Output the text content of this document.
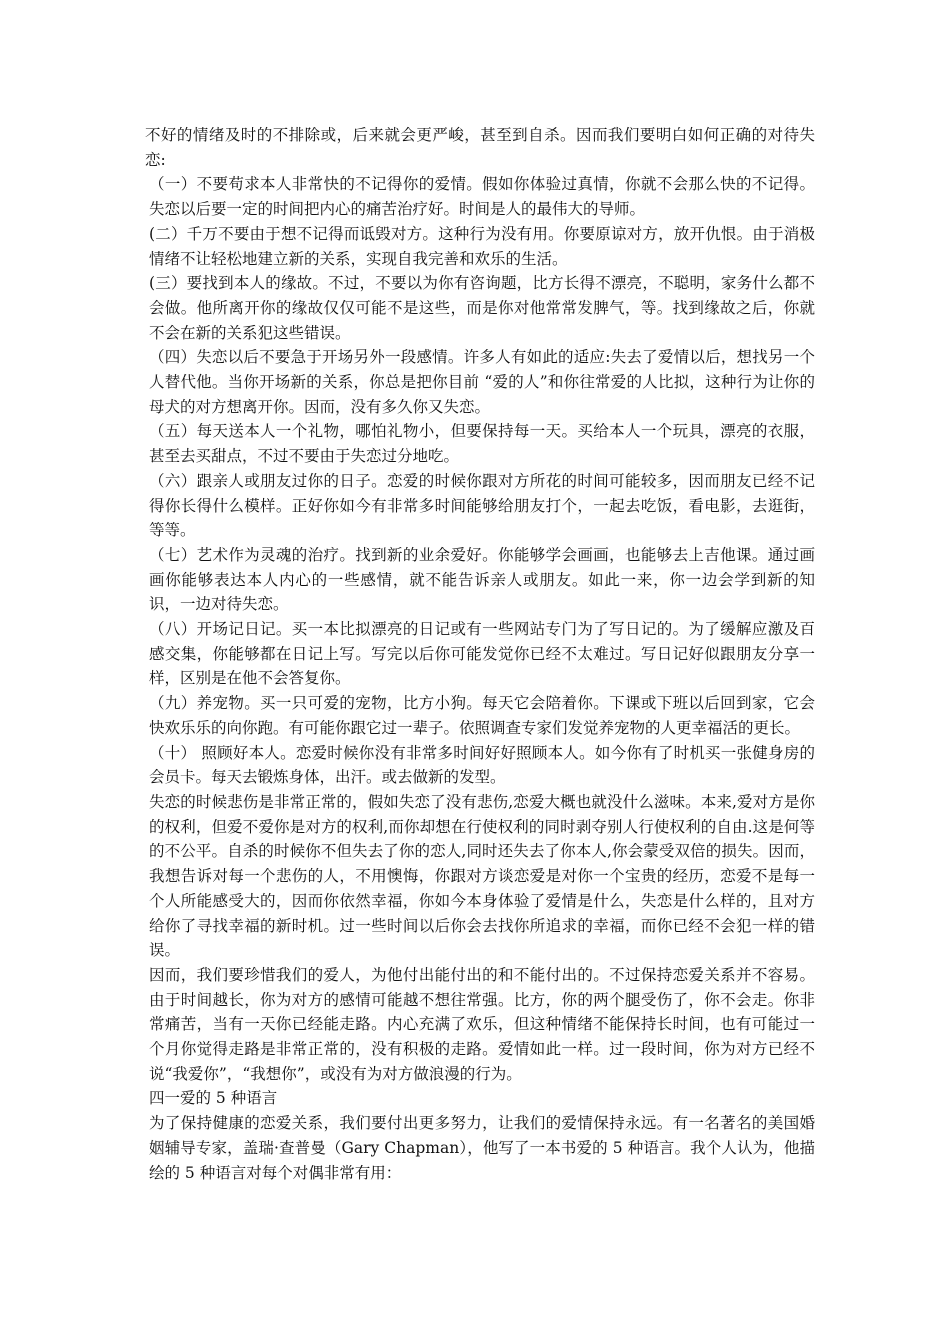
不好的情绪及时的不排除或，后来就会更严峻，甚至到自杀。因而我们要明白如何正确的对待失恋:

（一）不要苟求本人非常快的不记得你的爱情。假如你体验过真情，你就不会那么快的不记得。失恋以后要一定的时间把内心的痛苦治疗好。时间是人的最伟大的导师。

(二）千万不要由于想不记得而诋毁对方。这种行为没有用。你要原谅对方，放开仇恨。由于消极情绪不让轻松地建立新的关系，实现自我完善和欢乐的生活。

(三）要找到本人的缘故。不过，不要以为你有咨询题，比方长得不漂亮，不聪明，家务什么都不会做。他所离开你的缘故仅仅可能不是这些，而是你对他常常发脾气，等。找到缘故之后，你就不会在新的关系犯这些错误。

（四）失恋以后不要急于开场另外一段感情。许多人有如此的适应:失去了爱情以后，想找另一个人替代他。当你开场新的关系，你总是把你目前 “爱的人”和你往常爱的人比拟，这种行为让你的母犬的对方想离开你。因而，没有多久你又失恋。

（五）每天送本人一个礼物，哪怕礼物小，但要保持每一天。买给本人一个玩具，漂亮的衣服，甚至去买甜点，不过不要由于失恋过分地吃。

（六）跟亲人或朋友过你的日子。恋爱的时候你跟对方所花的时间可能较多，因而朋友已经不记得你长得什么模样。正好你如今有非常多时间能够给朋友打个，一起去吃饭，看电影，去逛街，等等。

（七）艺术作为灵魂的治疗。找到新的业余爱好。你能够学会画画，也能够去上吉他课。通过画画你能够表达本人内心的一些感情，就不能告诉亲人或朋友。如此一来，你一边会学到新的知识，一边对待失恋。

（八）开场记日记。买一本比拟漂亮的日记或有一些网站专门为了写日记的。为了缓解应激及百感交集，你能够都在日记上写。写完以后你可能发觉你已经不太难过。写日记好似跟朋友分享一样，区别是在他不会答复你。

（九）养宠物。买一只可爱的宠物，比方小狗。每天它会陪着你。下课或下班以后回到家，它会快欢乐乐的向你跑。有可能你跟它过一辈子。依照调查专家们发觉养宠物的人更幸福活的更长。

（十） 照顾好本人。恋爱时候你没有非常多时间好好照顾本人。如今你有了时机买一张健身房的会员卡。每天去锻炼身体，出汗。或去做新的发型。

失恋的时候悲伤是非常正常的，假如失恋了没有悲伤,恋爱大概也就没什么滋味。本来,爱对方是你的权利，但爱不爱你是对方的权利,而你却想在行使权利的同时剥夺别人行使权利的自由.这是何等的不公平。自杀的时候你不但失去了你的恋人,同时还失去了你本人,你会蒙受双倍的损失。因而，我想告诉对每一个悲伤的人，不用懊悔，你跟对方谈恋爱是对你一个宝贵的经历，恋爱不是每一个人所能感受大的，因而你依然幸福，你如今本身体验了爱情是什么，失恋是什么样的，且对方给你了寻找幸福的新时机。过一些时间以后你会去找你所追求的幸福，而你已经不会犯一样的错误。

因而，我们要珍惜我们的爱人，为他付出能付出的和不能付出的。不过保持恋爱关系并不容易。由于时间越长，你为对方的感情可能越不想往常强。比方，你的两个腿受伤了，你不会走。你非常痛苦，当有一天你已经能走路。内心充满了欢乐，但这种情绪不能保持长时间，也有可能过一个月你觉得走路是非常正常的，没有积极的走路。爱情如此一样。过一段时间，你为对方已经不说“我爱你”，“我想你”，或没有为对方做浪漫的行为。

四一爱的 5 种语言

为了保持健康的恋爱关系，我们要付出更多努力，让我们的爱情保持永远。有一名著名的美国婚姻辅导专家，盖瑞·查普曼（Gary Chapman），他写了一本书爱的 5 种语言。我个人认为，他描绘的 5 种语言对每个对偶非常有用：
